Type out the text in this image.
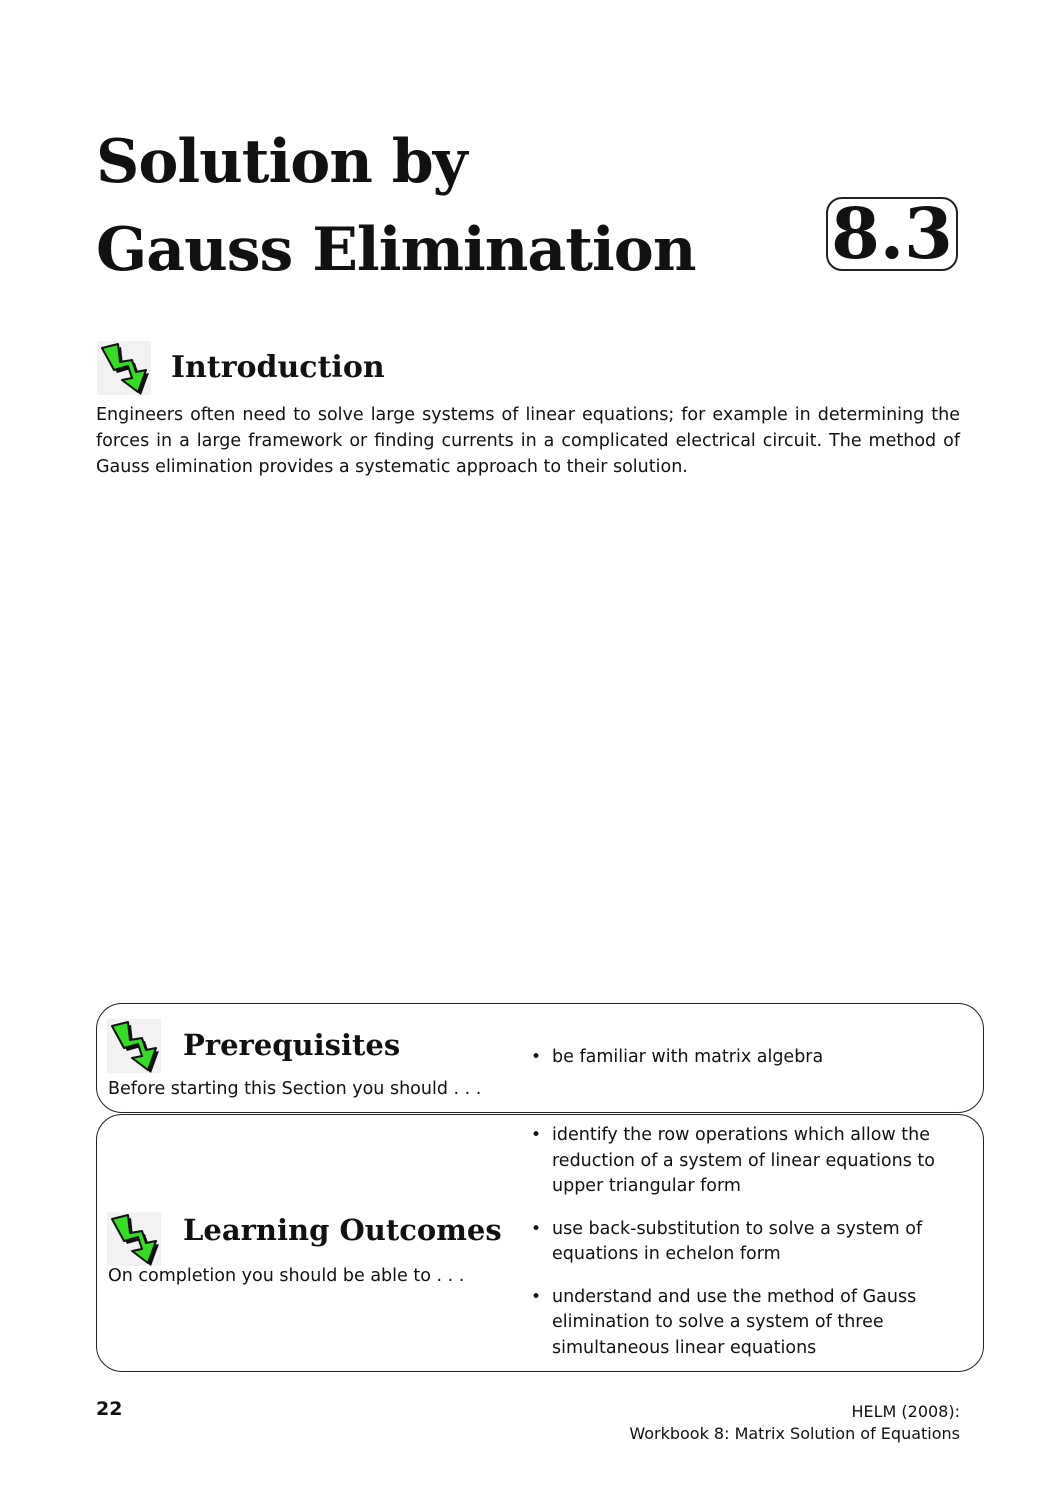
Solution by
Gauss Elimination 8.3
Introduction
Engineers often need to solve large systems of linear equations; for example in determining the forces in a large framework or finding currents in a complicated electrical circuit. The method of Gauss elimination provides a systematic approach to their solution.
Prerequisites
Before starting this Section you should . . .
• be familiar with matrix algebra
Learning Outcomes
On completion you should be able to . . .
• identify the row operations which allow the reduction of a system of linear equations to upper triangular form
• use back-substitution to solve a system of equations in echelon form
• understand and use the method of Gauss elimination to solve a system of three simultaneous linear equations
22	HELM (2008):
Workbook 8: Matrix Solution of Equations
